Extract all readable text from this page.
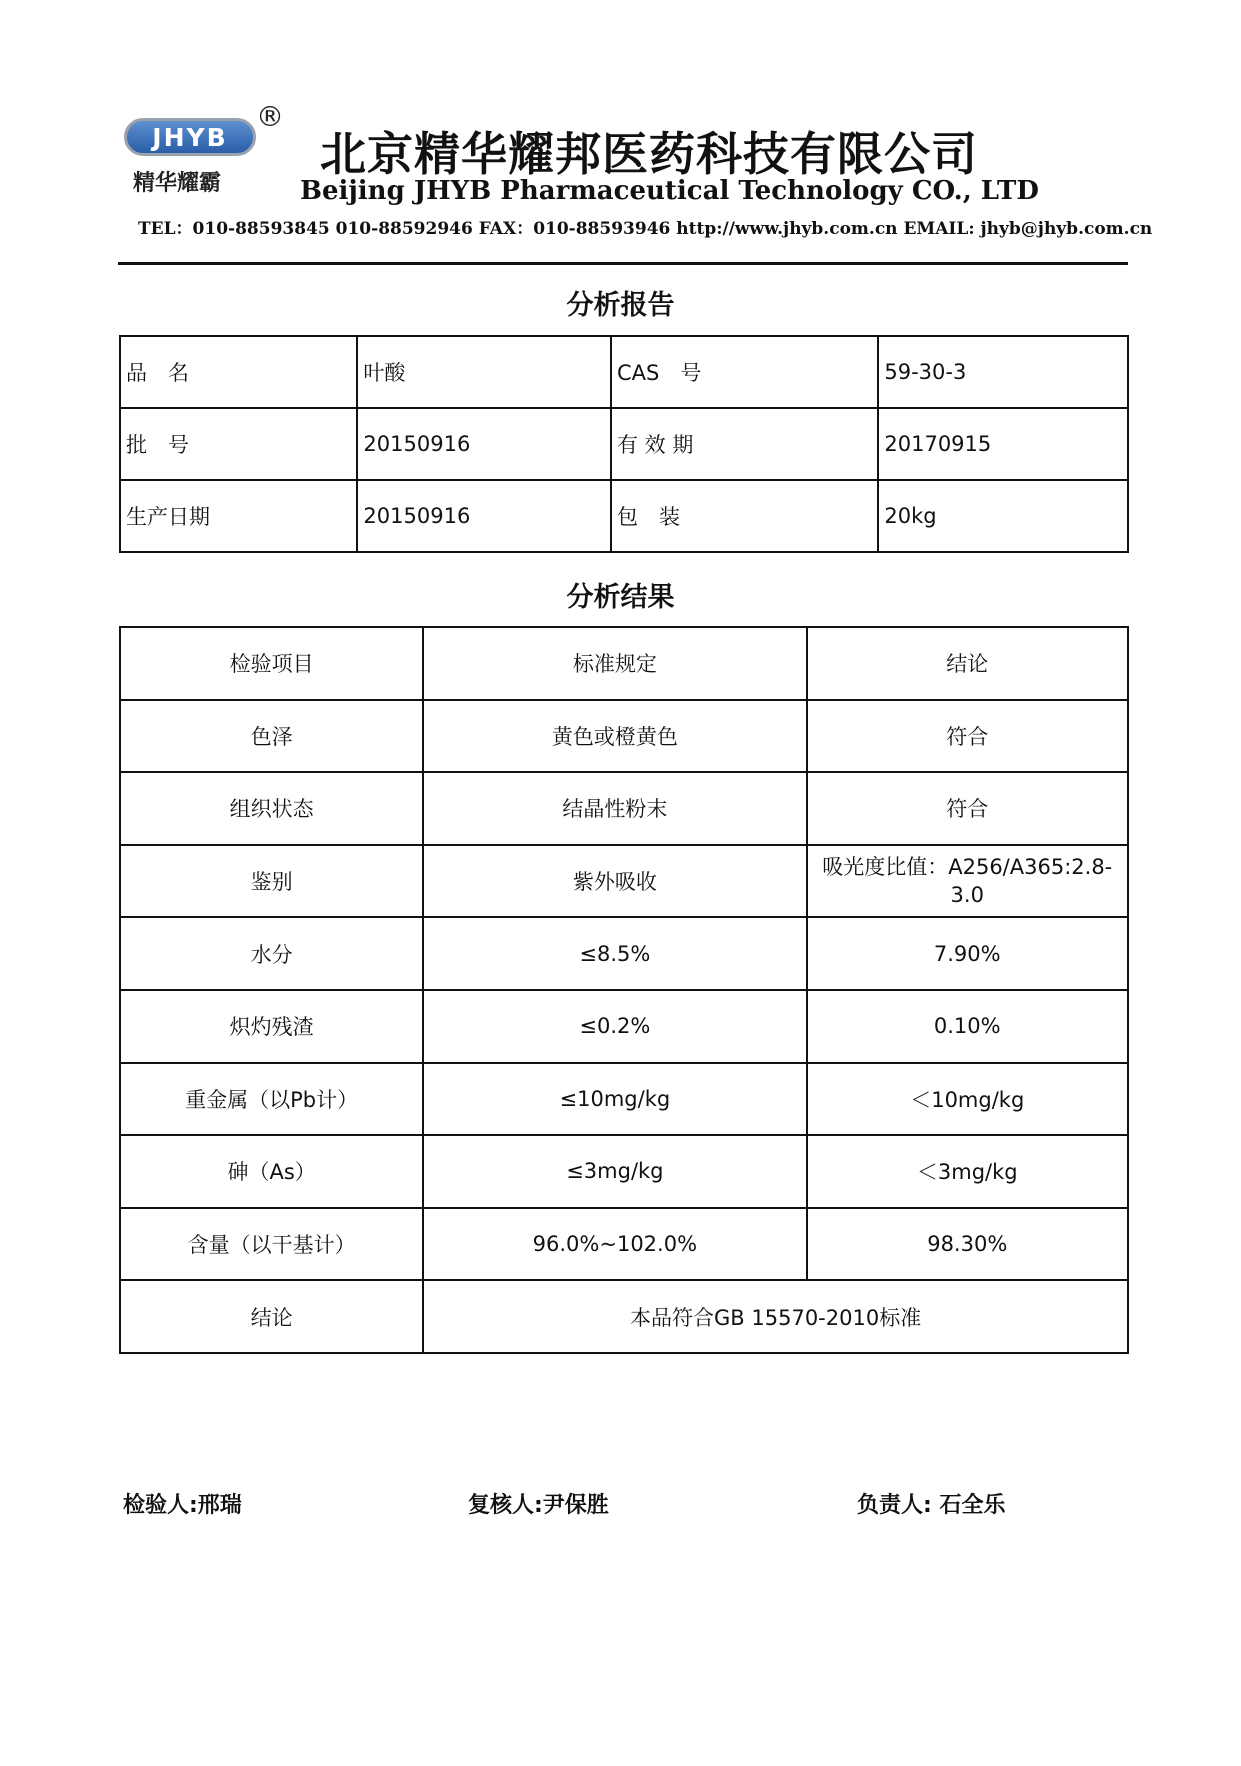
JHYB
®
精华耀霸
北京精华耀邦医药科技有限公司
Beijing JHYB Pharmaceutical Technology CO., LTD
TEL：010-88593845 010-88592946 FAX：010-88593946 http://www.jhyb.com.cn EMAIL: jhyb@jhyb.com.cn
分析报告
品　名	叶酸	CAS　号	59-30-3
批　号	20150916	有 效 期	20170915
生产日期	20150916	包　装	20kg
分析结果
检验项目	标准规定	结论
色泽	黄色或橙黄色	符合
组织状态	结晶性粉末	符合
鉴别	紫外吸收	吸光度比值：A256/A365:2.8-3.0
水分	≤8.5%	7.90%
炽灼残渣	≤0.2%	0.10%
重金属（以Pb计）	≤10mg/kg	＜10mg/kg
砷（As）	≤3mg/kg	＜3mg/kg
含量（以干基计）	96.0%~102.0%	98.30%
结论	本品符合GB 15570-2010标准	
检验人:邢瑞	复核人:尹保胜	负责人: 石全乐
